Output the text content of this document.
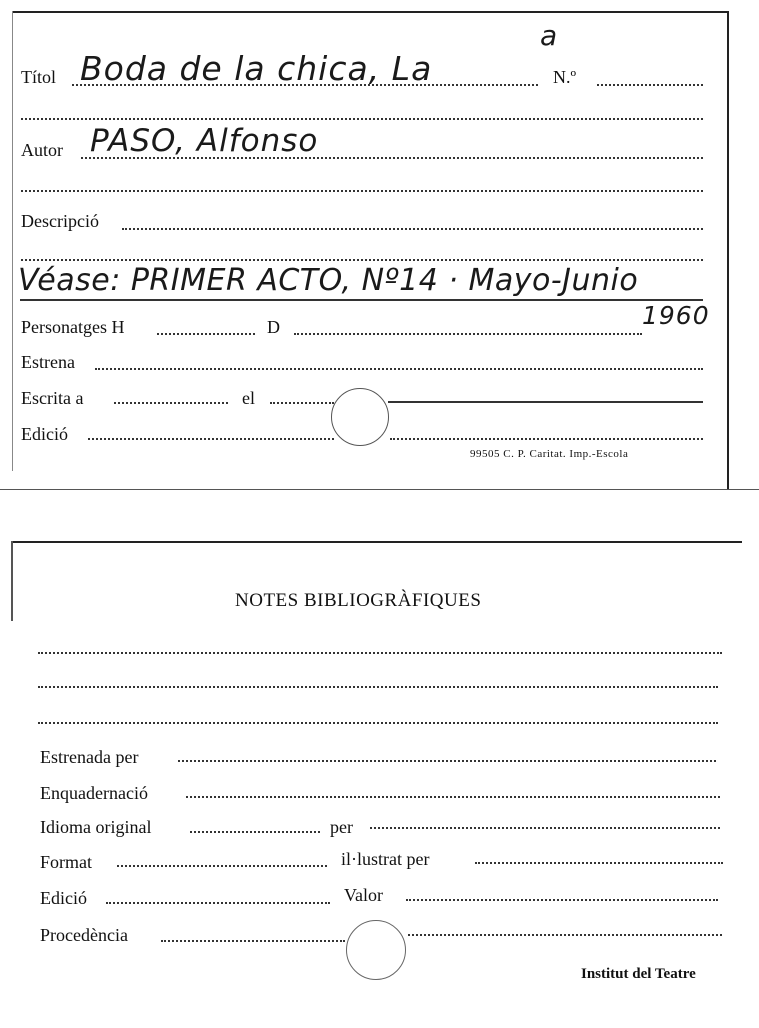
Títol Boda de la chica, La
a
N.º
Autor PASO, Alfonso
Descripció
Véase: PRIMER ACTO, Nº14 · Mayo-Junio
1960
Personatges H	D
Estrena
Escrita a	el
Edició
99505 C. P. Caritat. Imp.-Escola
NOTES BIBLIOGRÀFIQUES
Estrenada per
Enquadernació
Idioma original	per
Format	il·lustrat per
Edició	Valor
Procedència
Institut del Teatre
